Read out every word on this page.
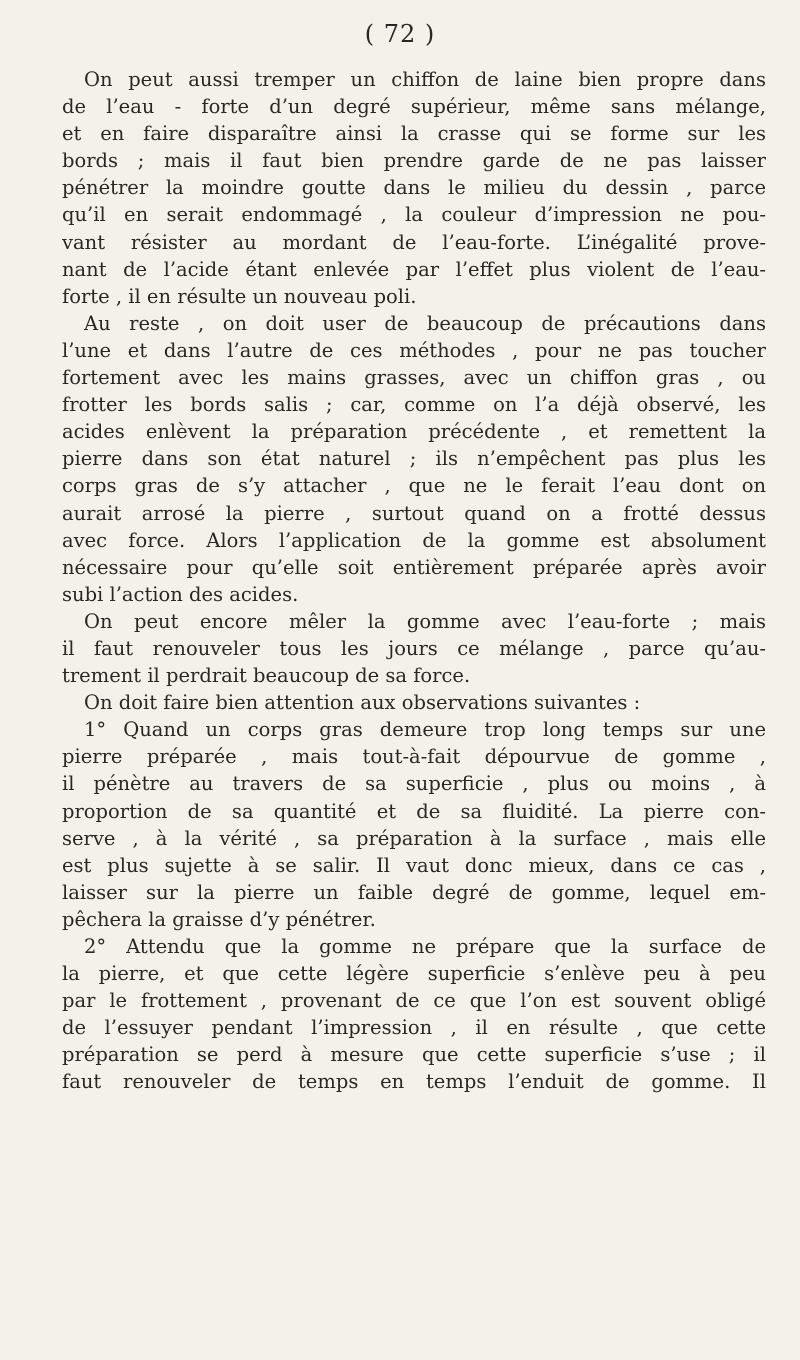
( 72 )
On peut aussi tremper un chiffon de laine bien propre dans
de l’eau - forte d’un degré supérieur, même sans mélange,
et en faire disparaître ainsi la crasse qui se forme sur les
bords ; mais il faut bien prendre garde de ne pas laisser
pénétrer la moindre goutte dans le milieu du dessin , parce
qu’il en serait endommagé , la couleur d’impression ne pou-
vant résister au mordant de l’eau-forte. L’inégalité prove-
nant de l’acide étant enlevée par l’effet plus violent de l’eau-
forte , il en résulte un nouveau poli.
Au reste , on doit user de beaucoup de précautions dans
l’une et dans l’autre de ces méthodes , pour ne pas toucher
fortement avec les mains grasses, avec un chiffon gras , ou
frotter les bords salis ; car, comme on l’a déjà observé, les
acides enlèvent la préparation précédente , et remettent la
pierre dans son état naturel ; ils n’empêchent pas plus les
corps gras de s’y attacher , que ne le ferait l’eau dont on
aurait arrosé la pierre , surtout quand on a frotté dessus
avec force. Alors l’application de la gomme est absolument
nécessaire pour qu’elle soit entièrement préparée après avoir
subi l’action des acides.
On peut encore mêler la gomme avec l’eau-forte ; mais
il faut renouveler tous les jours ce mélange , parce qu’au-
trement il perdrait beaucoup de sa force.
On doit faire bien attention aux observations suivantes :
1° Quand un corps gras demeure trop long temps sur une
pierre préparée , mais tout-à-fait dépourvue de gomme ,
il pénètre au travers de sa superficie , plus ou moins , à
proportion de sa quantité et de sa fluidité. La pierre con-
serve , à la vérité , sa préparation à la surface , mais elle
est plus sujette à se salir. Il vaut donc mieux, dans ce cas ,
laisser sur la pierre un faible degré de gomme, lequel em-
pêchera la graisse d’y pénétrer.
2° Attendu que la gomme ne prépare que la surface de
la pierre, et que cette légère superficie s’enlève peu à peu
par le frottement , provenant de ce que l’on est souvent obligé
de l’essuyer pendant l’impression , il en résulte , que cette
préparation se perd à mesure que cette superficie s’use ; il
faut renouveler de temps en temps l’enduit de gomme. Il
